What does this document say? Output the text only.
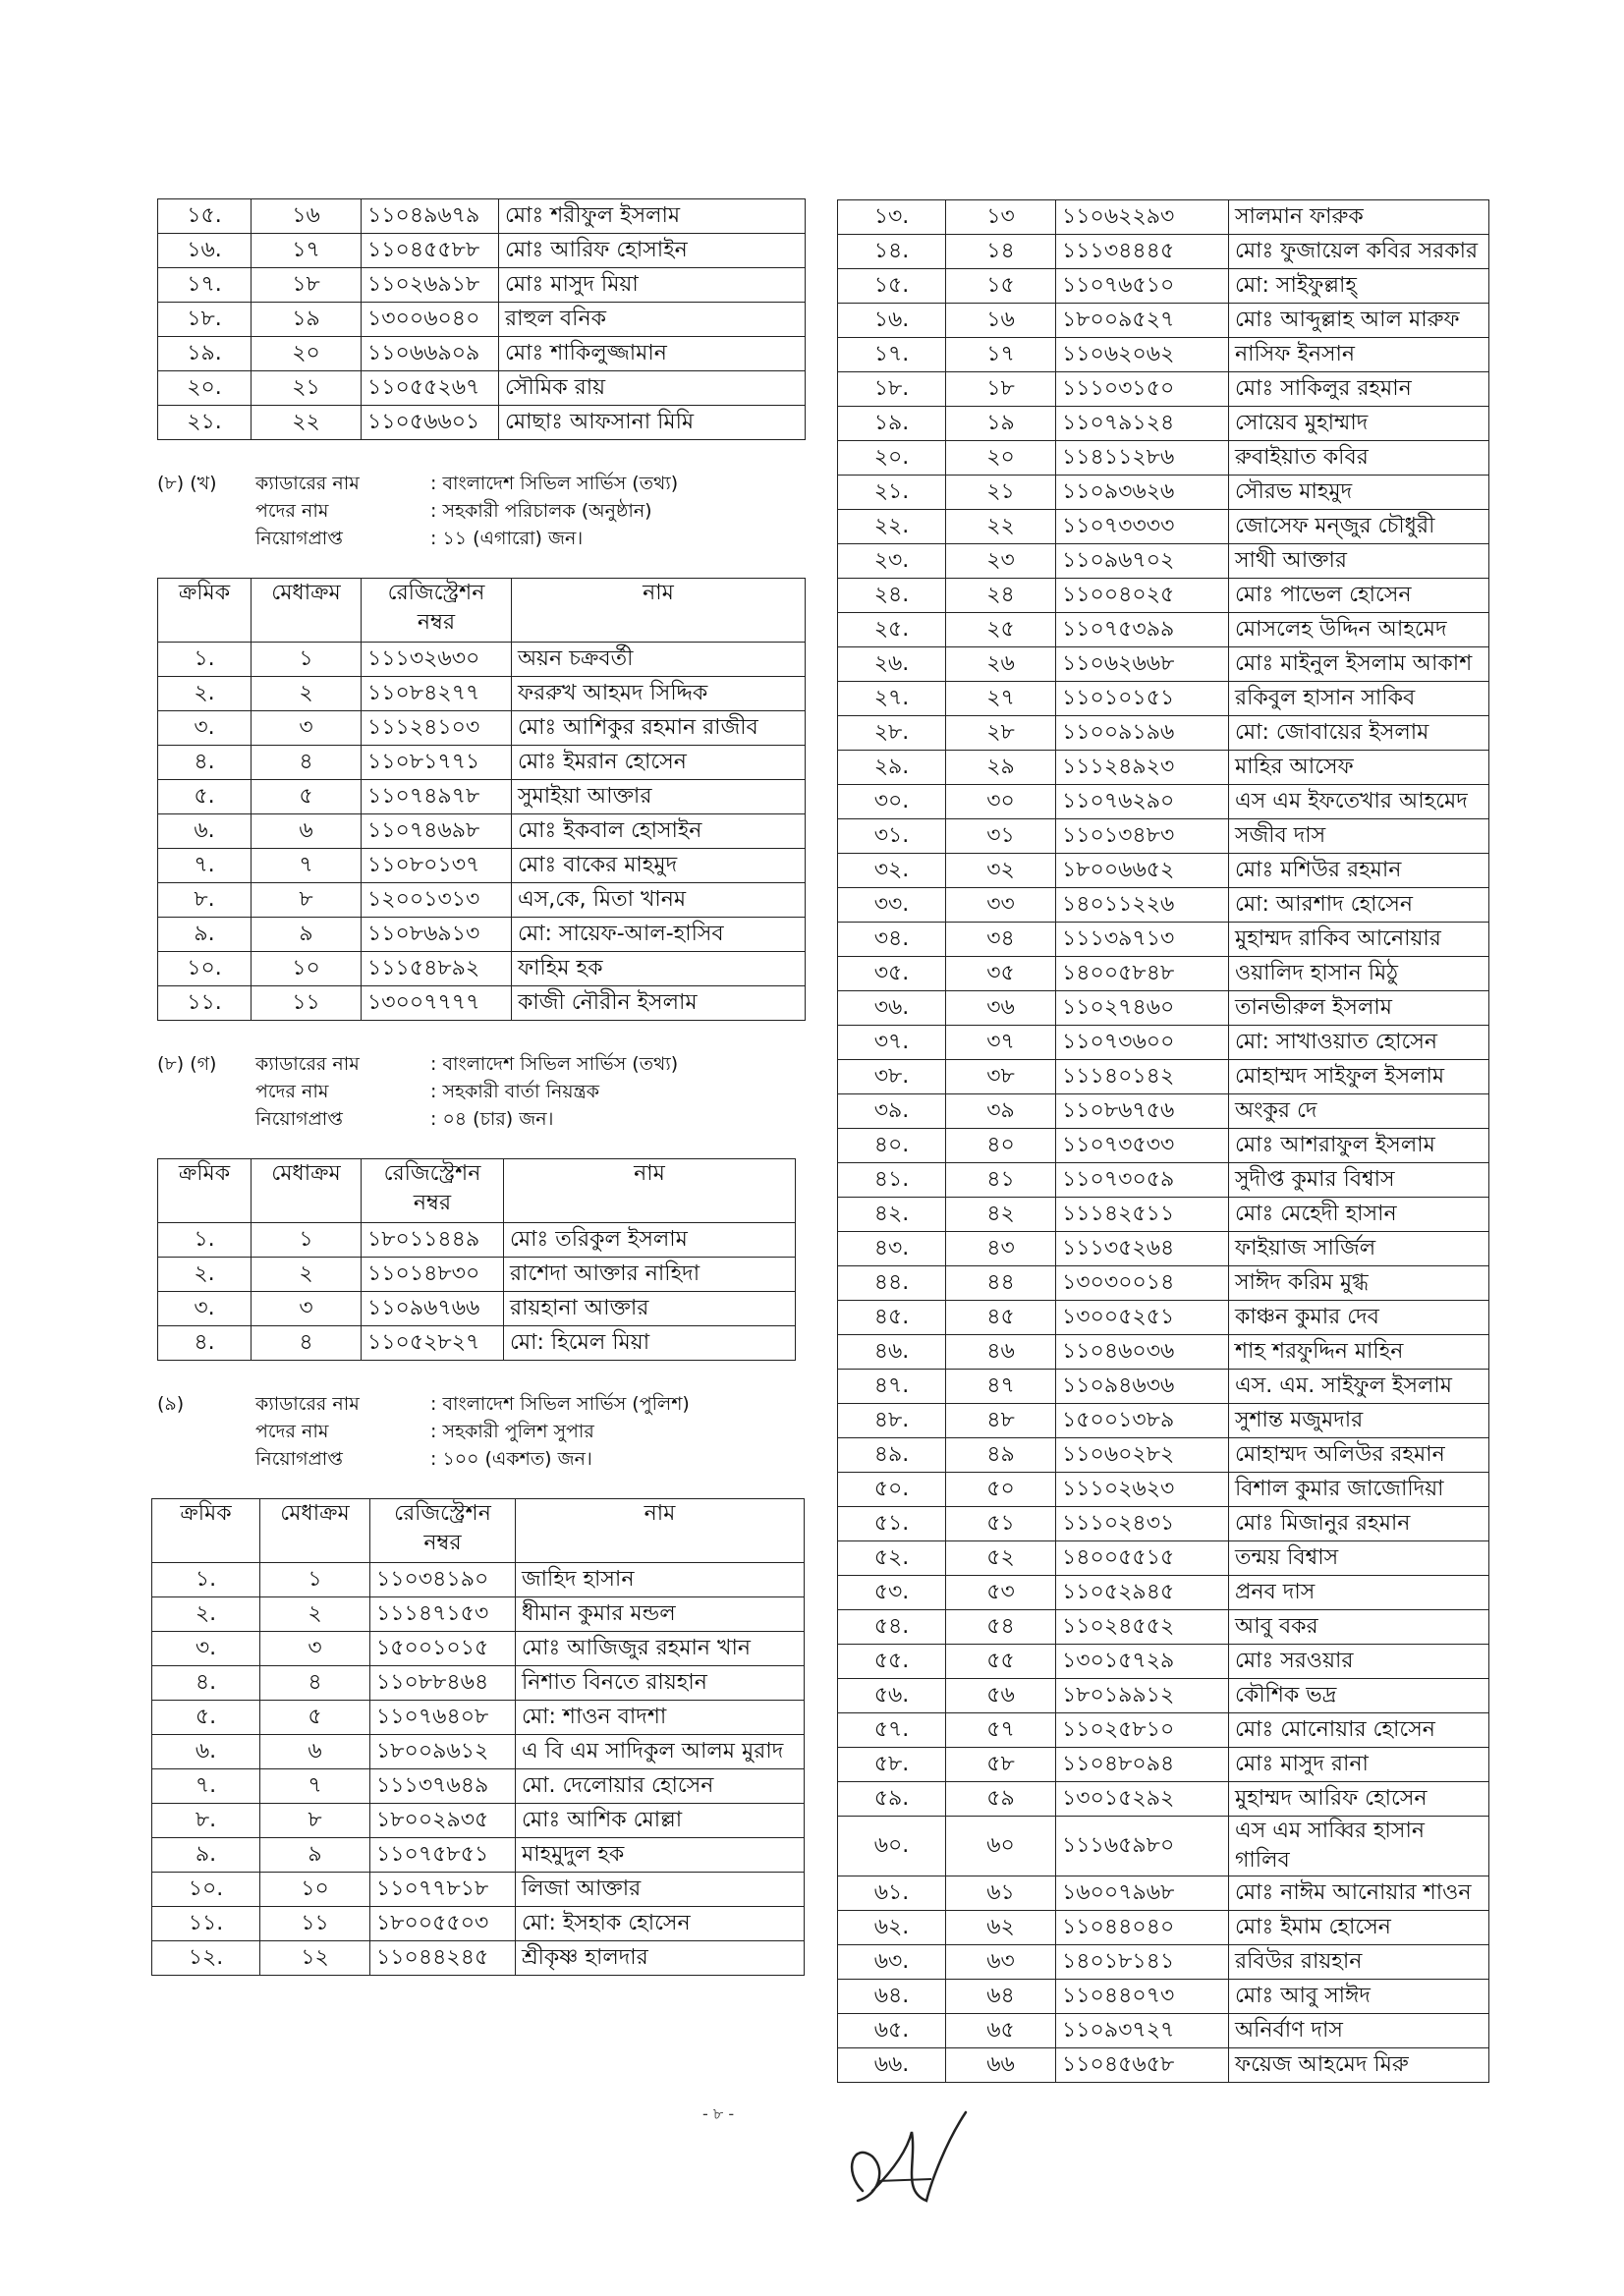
১৫.	১৬	১১০৪৯৬৭৯	মোঃ শরীফুল ইসলাম
১৬.	১৭	১১০৪৫৫৮৮	মোঃ আরিফ হোসাইন
১৭.	১৮	১১০২৬৯১৮	মোঃ মাসুদ মিয়া
১৮.	১৯	১৩০০৬০৪০	রাহুল বনিক
১৯.	২০	১১০৬৬৯০৯	মোঃ শাকিলুজ্জামান
২০.	২১	১১০৫৫২৬৭	সৌমিক রায়
২১.	২২	১১০৫৬৬০১	মোছাঃ আফসানা মিমি
(৮) (খ) ক্যাডারের নাম	: বাংলাদেশ সিভিল সার্ভিস (তথ্য)
পদের নাম	: সহকারী পরিচালক (অনুষ্ঠান)
নিয়োগপ্রাপ্ত	: ১১ (এগারো) জন।
ক্রমিক	মেধাক্রম	রেজিস্ট্রেশন নম্বর	নাম
১.	১	১১১৩২৬৩০	অয়ন চক্রবর্তী
২.	২	১১০৮৪২৭৭	ফররুখ আহমদ সিদ্দিক
৩.	৩	১১১২৪১০৩	মোঃ আশিকুর রহমান রাজীব
৪.	৪	১১০৮১৭৭১	মোঃ ইমরান হোসেন
৫.	৫	১১০৭৪৯৭৮	সুমাইয়া আক্তার
৬.	৬	১১০৭৪৬৯৮	মোঃ ইকবাল হোসাইন
৭.	৭	১১০৮০১৩৭	মোঃ বাকের মাহমুদ
৮.	৮	১২০০১৩১৩	এস,কে, মিতা খানম
৯.	৯	১১০৮৬৯১৩	মো: সায়েফ-আল-হাসিব
১০.	১০	১১১৫৪৮৯২	ফাহিম হক
১১.	১১	১৩০০৭৭৭৭	কাজী নৌরীন ইসলাম
(৮) (গ) ক্যাডারের নাম	: বাংলাদেশ সিভিল সার্ভিস (তথ্য)
পদের নাম	: সহকারী বার্তা নিয়ন্ত্রক
নিয়োগপ্রাপ্ত	: ০৪ (চার) জন।
ক্রমিক	মেধাক্রম	রেজিস্ট্রেশন নম্বর	নাম
১.	১	১৮০১১৪৪৯	মোঃ তরিকুল ইসলাম
২.	২	১১০১৪৮৩০	রাশেদা আক্তার নাহিদা
৩.	৩	১১০৯৬৭৬৬	রায়হানা আক্তার
৪.	৪	১১০৫২৮২৭	মো: হিমেল মিয়া
(৯)	ক্যাডারের নাম	: বাংলাদেশ সিভিল সার্ভিস (পুলিশ)
পদের নাম	: সহকারী পুলিশ সুপার
নিয়োগপ্রাপ্ত	: ১০০ (একশত) জন।
ক্রমিক	মেধাক্রম	রেজিস্ট্রেশন নম্বর	নাম
১.	১	১১০৩৪১৯০	জাহিদ হাসান
২.	২	১১১৪৭১৫৩	ধীমান কুমার মন্ডল
৩.	৩	১৫০০১০১৫	মোঃ আজিজুর রহমান খান
৪.	৪	১১০৮৮৪৬৪	নিশাত বিনতে রায়হান
৫.	৫	১১০৭৬৪০৮	মো: শাওন বাদশা
৬.	৬	১৮০০৯৬১২	এ বি এম সাদিকুল আলম মুরাদ
৭.	৭	১১১৩৭৬৪৯	মো. দেলোয়ার হোসেন
৮.	৮	১৮০০২৯৩৫	মোঃ আশিক মোল্লা
৯.	৯	১১০৭৫৮৫১	মাহমুদুল হক
১০.	১০	১১০৭৭৮১৮	লিজা আক্তার
১১.	১১	১৮০০৫৫০৩	মো: ইসহাক হোসেন
১২.	১২	১১০৪৪২৪৫	শ্রীকৃষ্ণ হালদার
১৩.	১৩	১১০৬২২৯৩	সালমান ফারুক
১৪.	১৪	১১১৩৪৪৪৫	মোঃ ফুজায়েল কবির সরকার
১৫.	১৫	১১০৭৬৫১০	মো: সাইফুল্লাহ্
১৬.	১৬	১৮০০৯৫২৭	মোঃ আব্দুল্লাহ আল মারুফ
১৭.	১৭	১১০৬২০৬২	নাসিফ ইনসান
১৮.	১৮	১১১০৩১৫০	মোঃ সাকিলুর রহমান
১৯.	১৯	১১০৭৯১২৪	সোয়েব মুহাম্মাদ
২০.	২০	১১৪১১২৮৬	রুবাইয়াত কবির
২১.	২১	১১০৯৩৬২৬	সৌরভ মাহমুদ
২২.	২২	১১০৭৩৩৩৩	জোসেফ মন্জুর চৌধুরী
২৩.	২৩	১১০৯৬৭০২	সাথী আক্তার
২৪.	২৪	১১০০৪০২৫	মোঃ পাভেল হোসেন
২৫.	২৫	১১০৭৫৩৯৯	মোসলেহ উদ্দিন আহমেদ
২৬.	২৬	১১০৬২৬৬৮	মোঃ মাইনুল ইসলাম আকাশ
২৭.	২৭	১১০১০১৫১	রকিবুল হাসান সাকিব
২৮.	২৮	১১০০৯১৯৬	মো: জোবায়ের ইসলাম
২৯.	২৯	১১১২৪৯২৩	মাহির আসেফ
৩০.	৩০	১১০৭৬২৯০	এস এম ইফতেখার আহমেদ
৩১.	৩১	১১০১৩৪৮৩	সজীব দাস
৩২.	৩২	১৮০০৬৬৫২	মোঃ মশিউর রহমান
৩৩.	৩৩	১৪০১১২২৬	মো: আরশাদ হোসেন
৩৪.	৩৪	১১১৩৯৭১৩	মুহাম্মদ রাকিব আনোয়ার
৩৫.	৩৫	১৪০০৫৮৪৮	ওয়ালিদ হাসান মিঠু
৩৬.	৩৬	১১০২৭৪৬০	তানভীরুল ইসলাম
৩৭.	৩৭	১১০৭৩৬০০	মো: সাখাওয়াত হোসেন
৩৮.	৩৮	১১১৪০১৪২	মোহাম্মদ সাইফুল ইসলাম
৩৯.	৩৯	১১০৮৬৭৫৬	অংকুর দে
৪০.	৪০	১১০৭৩৫৩৩	মোঃ আশরাফুল ইসলাম
৪১.	৪১	১১০৭৩০৫৯	সুদীপ্ত কুমার বিশ্বাস
৪২.	৪২	১১১৪২৫১১	মোঃ মেহেদী হাসান
৪৩.	৪৩	১১১৩৫২৬৪	ফাইয়াজ সার্জিল
৪৪.	৪৪	১৩০৩০০১৪	সাঈদ করিম মুগ্ধ
৪৫.	৪৫	১৩০০৫২৫১	কাঞ্চন কুমার দেব
৪৬.	৪৬	১১০৪৬০৩৬	শাহ শরফুদ্দিন মাহিন
৪৭.	৪৭	১১০৯৪৬৩৬	এস. এম. সাইফুল ইসলাম
৪৮.	৪৮	১৫০০১৩৮৯	সুশান্ত মজুমদার
৪৯.	৪৯	১১০৬০২৮২	মোহাম্মদ অলিউর রহমান
৫০.	৫০	১১১০২৬২৩	বিশাল কুমার জাজোদিয়া
৫১.	৫১	১১১০২৪৩১	মোঃ মিজানুর রহমান
৫২.	৫২	১৪০০৫৫১৫	তন্ময় বিশ্বাস
৫৩.	৫৩	১১০৫২৯৪৫	প্রনব দাস
৫৪.	৫৪	১১০২৪৫৫২	আবু বকর
৫৫.	৫৫	১৩০১৫৭২৯	মোঃ সরওয়ার
৫৬.	৫৬	১৮০১৯৯১২	কৌশিক ভদ্র
৫৭.	৫৭	১১০২৫৮১০	মোঃ মোনোয়ার হোসেন
৫৮.	৫৮	১১০৪৮০৯৪	মোঃ মাসুদ রানা
৫৯.	৫৯	১৩০১৫২৯২	মুহাম্মদ আরিফ হোসেন
৬০.	৬০	১১১৬৫৯৮০	এস এম সাব্বির হাসান গালিব
৬১.	৬১	১৬০০৭৯৬৮	মোঃ নাঈম আনোয়ার শাওন
৬২.	৬২	১১০৪৪০৪০	মোঃ ইমাম হোসেন
৬৩.	৬৩	১৪০১৮১৪১	রবিউর রায়হান
৬৪.	৬৪	১১০৪৪০৭৩	মোঃ আবু সাঈদ
৬৫.	৬৫	১১০৯৩৭২৭	অনির্বাণ দাস
৬৬.	৬৬	১১০৪৫৬৫৮	ফয়েজ আহমেদ মিরু
- ৮ -
